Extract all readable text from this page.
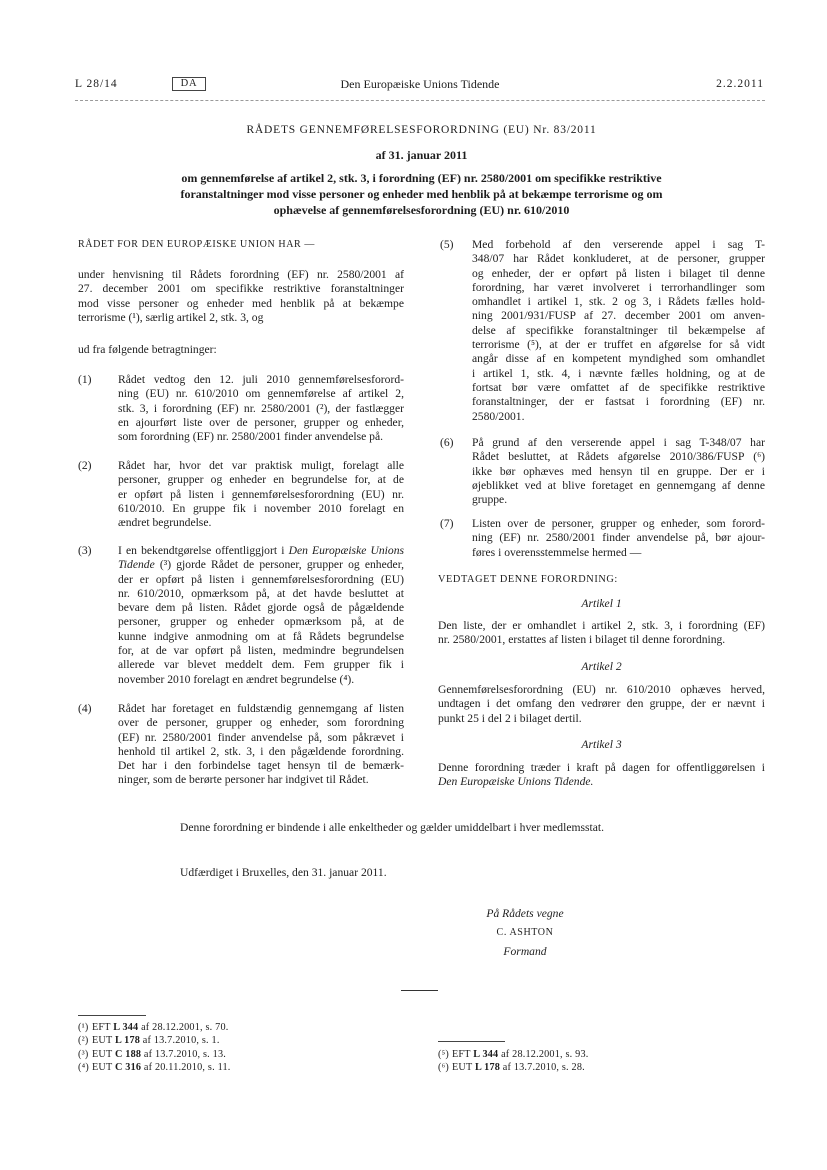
L 28/14	DA	Den Europæiske Unions Tidende	2.2.2011
RÅDETS GENNEMFØRELSESFORORDNING (EU) Nr. 83/2011
af 31. januar 2011
om gennemførelse af artikel 2, stk. 3, i forordning (EF) nr. 2580/2001 om specifikke restriktive
foranstaltninger mod visse personer og enheder med henblik på at bekæmpe terrorisme og om
ophævelse af gennemførelsesforordning (EU) nr. 610/2010
RÅDET FOR DEN EUROPÆISKE UNION HAR —
under henvisning til Rådets forordning (EF) nr. 2580/2001 af
27. december 2001 om specifikke restriktive foranstaltninger
mod visse personer og enheder med henblik på at bekæmpe
terrorisme (¹), særlig artikel 2, stk. 3, og
ud fra følgende betragtninger:
(1) Rådet vedtog den 12. juli 2010 gennemførelsesforord-
ning (EU) nr. 610/2010 om gennemførelse af artikel 2,
stk. 3, i forordning (EF) nr. 2580/2001 (²), der fastlægger
en ajourført liste over de personer, grupper og enheder,
som forordning (EF) nr. 2580/2001 finder anvendelse på.
(2) Rådet har, hvor det var praktisk muligt, forelagt alle
personer, grupper og enheder en begrundelse for, at de
er opført på listen i gennemførelsesforordning (EU) nr.
610/2010. En gruppe fik i november 2010 forelagt en
ændret begrundelse.
(3) I en bekendtgørelse offentliggjort i Den Europæiske Unions
Tidende (³) gjorde Rådet de personer, grupper og enheder,
der er opført på listen i gennemførelsesforordning (EU)
nr. 610/2010, opmærksom på, at det havde besluttet at
bevare dem på listen. Rådet gjorde også de pågældende
personer, grupper og enheder opmærksom på, at de
kunne indgive anmodning om at få Rådets begrundelse
for, at de var opført på listen, medmindre begrundelsen
allerede var blevet meddelt dem. Fem grupper fik i
november 2010 forelagt en ændret begrundelse (⁴).
(4) Rådet har foretaget en fuldstændig gennemgang af listen
over de personer, grupper og enheder, som forordning
(EF) nr. 2580/2001 finder anvendelse på, som påkrævet i
henhold til artikel 2, stk. 3, i den pågældende forordning.
Det har i den forbindelse taget hensyn til de bemærk-
ninger, som de berørte personer har indgivet til Rådet.
(5) Med forbehold af den verserende appel i sag T-
348/07 har Rådet konkluderet, at de personer, grupper
og enheder, der er opført på listen i bilaget til denne
forordning, har været involveret i terrorhandlinger som
omhandlet i artikel 1, stk. 2 og 3, i Rådets fælles hold-
ning 2001/931/FUSP af 27. december 2001 om anven-
delse af specifikke foranstaltninger til bekæmpelse af
terrorisme (⁵), at der er truffet en afgørelse for så vidt
angår disse af en kompetent myndighed som omhandlet
i artikel 1, stk. 4, i nævnte fælles holdning, og at de
fortsat bør være omfattet af de specifikke restriktive
foranstaltninger, der er fastsat i forordning (EF) nr.
2580/2001.
(6) På grund af den verserende appel i sag T-348/07 har
Rådet besluttet, at Rådets afgørelse 2010/386/FUSP (⁶)
ikke bør ophæves med hensyn til en gruppe. Der er i
øjeblikket ved at blive foretaget en gennemgang af denne
gruppe.
(7) Listen over de personer, grupper og enheder, som forord-
ning (EF) nr. 2580/2001 finder anvendelse på, bør ajour-
føres i overensstemmelse hermed —
VEDTAGET DENNE FORORDNING:
Artikel 1
Den liste, der er omhandlet i artikel 2, stk. 3, i forordning (EF)
nr. 2580/2001, erstattes af listen i bilaget til denne forordning.
Artikel 2
Gennemførelsesforordning (EU) nr. 610/2010 ophæves herved,
undtagen i det omfang den vedrører den gruppe, der er nævnt i
punkt 25 i del 2 i bilaget dertil.
Artikel 3
Denne forordning træder i kraft på dagen for offentliggørelsen i
Den Europæiske Unions Tidende.
Denne forordning er bindende i alle enkeltheder og gælder umiddelbart i hver medlemsstat.
Udfærdiget i Bruxelles, den 31. januar 2011.
På Rådets vegne
C. ASHTON
Formand
(¹) EFT L 344 af 28.12.2001, s. 70.
(²) EUT L 178 af 13.7.2010, s. 1.
(³) EUT C 188 af 13.7.2010, s. 13.
(⁴) EUT C 316 af 20.11.2010, s. 11.
(⁵) EFT L 344 af 28.12.2001, s. 93.
(⁶) EUT L 178 af 13.7.2010, s. 28.
